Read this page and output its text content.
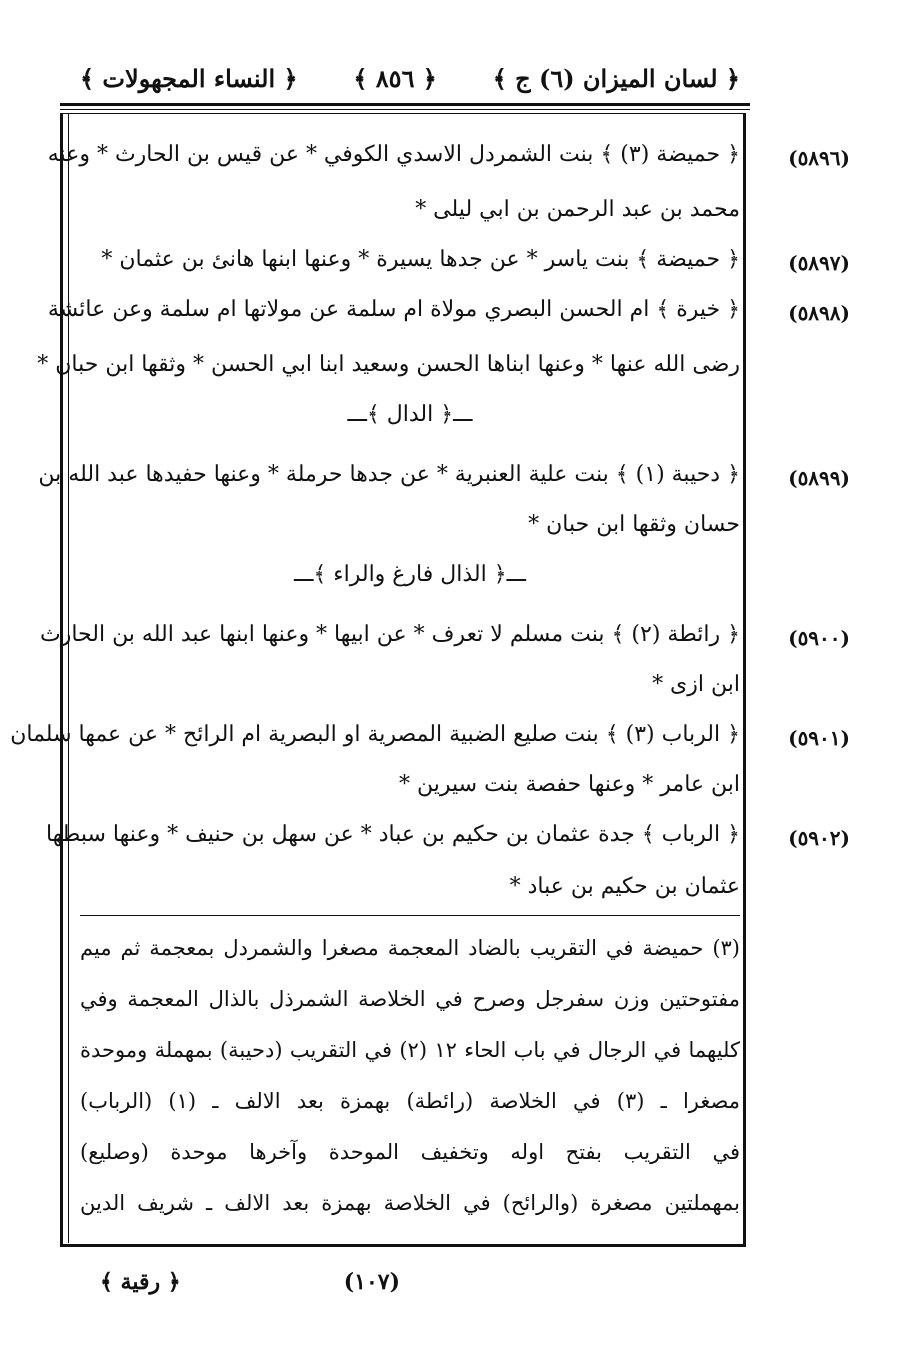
﴿ لسان الميزان (٦) ج ﴾
﴿ ٨٥٦ ﴾
﴿ النساء المجهولات ﴾
(٥٨٩٦)
﴿ حميضة (٣) ﴾ بنت الشمردل الاسدي الكوفي * عن قيس بن الحارث * وعنه
محمد بن عبد الرحمن بن ابي ليلى *
(٥٨٩٧)
﴿ حميضة ﴾ بنت ياسر * عن جدها يسيرة * وعنها ابنها هانئ بن عثمان *
(٥٨٩٨)
﴿ خيرة ﴾ ام الحسن البصري مولاة ام سلمة عن مولاتها ام سلمة وعن عائشة
رضى الله عنها * وعنها ابناها الحسن وسعيد ابنا ابي الحسن * وثقها ابن حبان *
ـــ﴿ الدال ﴾ـــ
(٥٨٩٩)
﴿ دحيبة (١) ﴾ بنت علية العنبرية * عن جدها حرملة * وعنها حفيدها عبد الله بن
حسان وثقها ابن حبان *
ـــ﴿ الذال فارغ والراء ﴾ـــ
(٥٩٠٠)
﴿ رائطة (٢) ﴾ بنت مسلم لا تعرف * عن ابيها * وعنها ابنها عبد الله بن الحارث
ابن ازى *
(٥٩٠١)
﴿ الرباب (٣) ﴾ بنت صليع الضبية المصرية او البصرية ام الرائح * عن عمها سلمان
ابن عامر * وعنها حفصة بنت سيرين *
(٥٩٠٢)
﴿ الرباب ﴾ جدة عثمان بن حكيم بن عباد * عن سهل بن حنيف * وعنها سبطها
عثمان بن حكيم بن عباد *
(٣) حميضة في التقريب بالضاد المعجمة مصغرا والشمردل بمعجمة ثم ميم
مفتوحتين وزن سفرجل وصرح في الخلاصة الشمرذل بالذال المعجمة وفي
كليهما في الرجال في باب الحاء ١٢ (٢) في التقريب (دحيبة) بمهملة وموحدة
مصغرا ـ (٣) في الخلاصة (رائطة) بهمزة بعد الالف ـ (١) (الرباب)
في التقريب بفتح اوله وتخفيف الموحدة وآخرها موحدة (وصليع)
بمهملتين مصغرة (والرائح) في الخلاصة بهمزة بعد الالف ـ شريف الدين
(١٠٧)
﴿ رقية ﴾
